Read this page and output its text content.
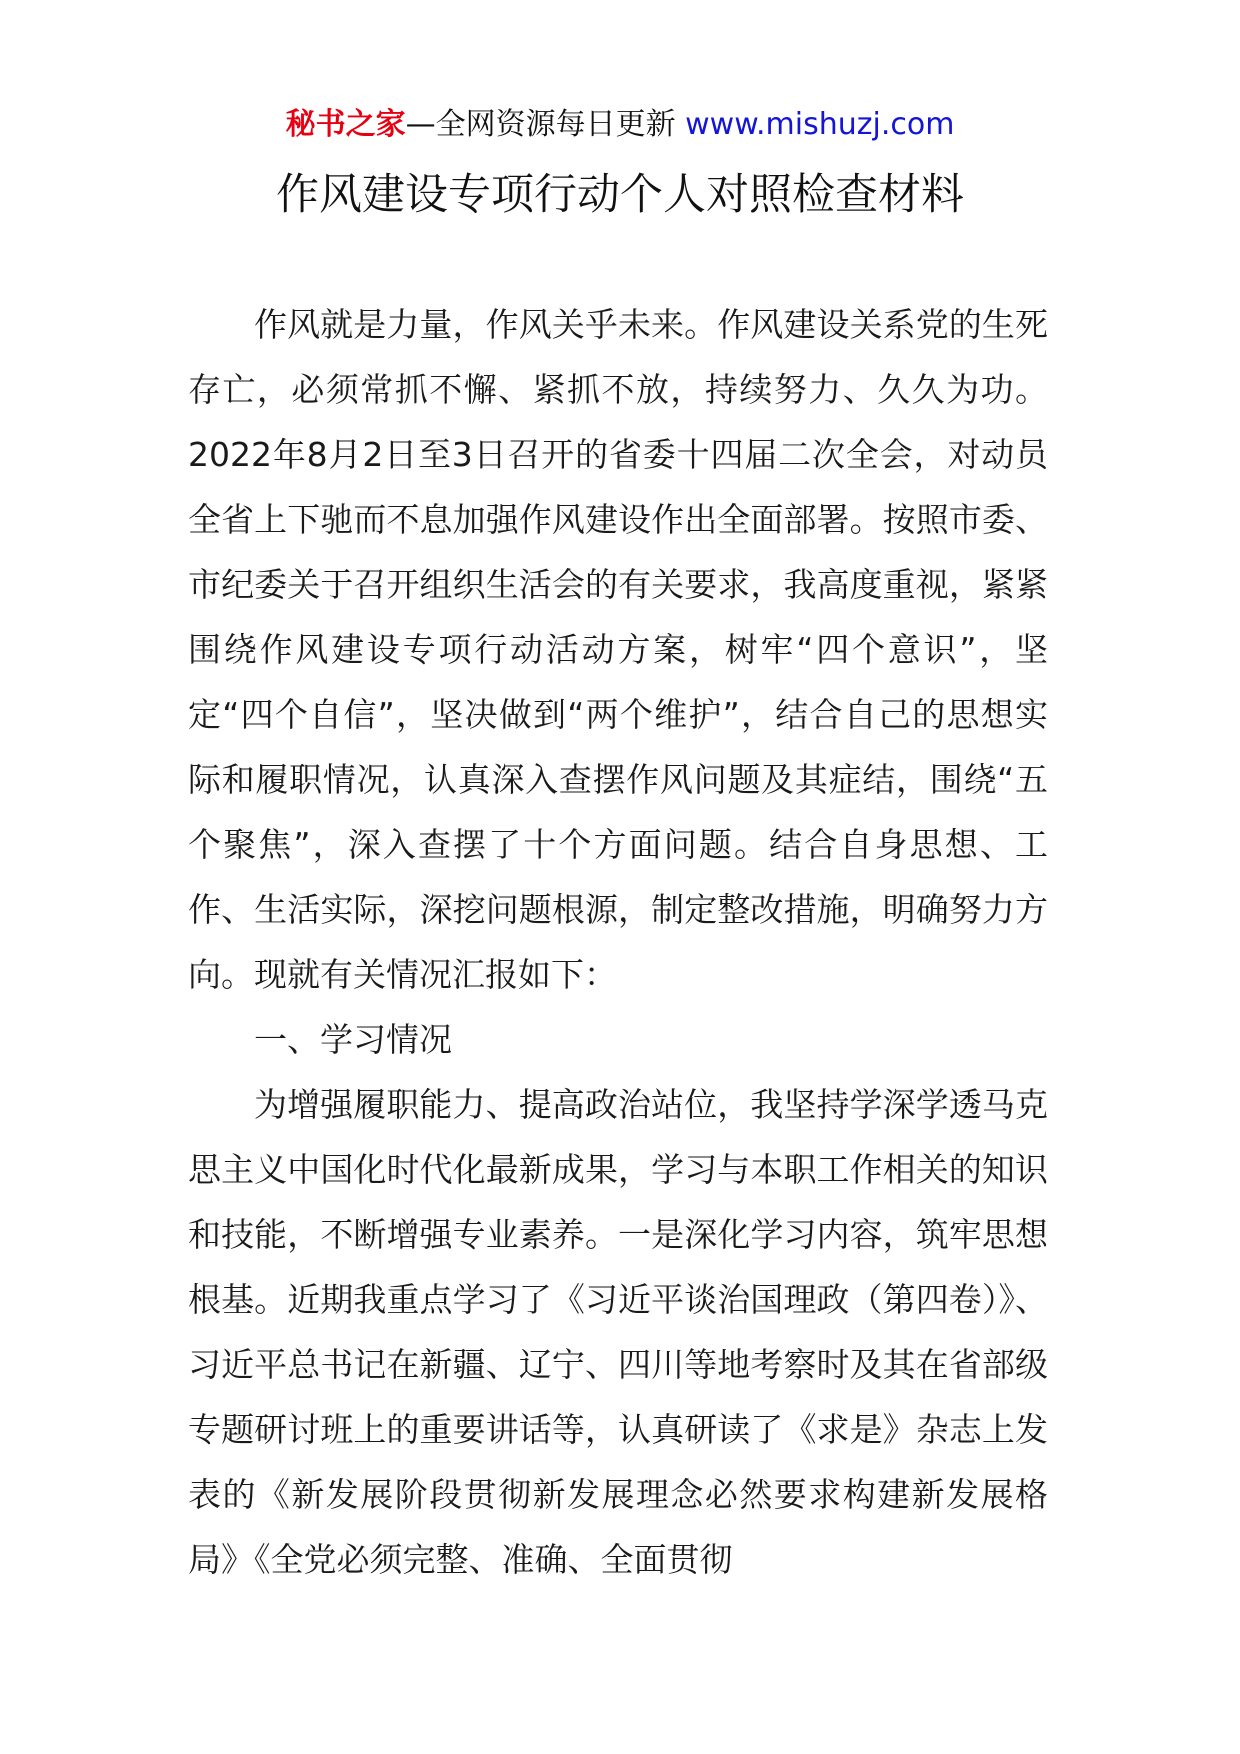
秘书之家—全网资源每日更新 www.mishuzj.com
作风建设专项行动个人对照检查材料

作风就是力量，作风关乎未来。作风建设关系党的生死存亡，必须常抓不懈、紧抓不放，持续努力、久久为功。2022年8月2日至3日召开的省委十四届二次全会，对动员全省上下驰而不息加强作风建设作出全面部署。按照市委、市纪委关于召开组织生活会的有关要求，我高度重视，紧紧围绕作风建设专项行动活动方案，树牢“四个意识”，坚定“四个自信”，坚决做到“两个维护”，结合自己的思想实际和履职情况，认真深入查摆作风问题及其症结，围绕“五个聚焦”，深入查摆了十个方面问题。结合自身思想、工作、生活实际，深挖问题根源，制定整改措施，明确努力方向。现就有关情况汇报如下：

一、学习情况

为增强履职能力、提高政治站位，我坚持学深学透马克思主义中国化时代化最新成果，学习与本职工作相关的知识和技能，不断增强专业素养。一是深化学习内容，筑牢思想根基。近期我重点学习了《习近平谈治国理政（第四卷）》、习近平总书记在新疆、辽宁、四川等地考察时及其在省部级专题研讨班上的重要讲话等，认真研读了《求是》杂志上发表的《新发展阶段贯彻新发展理念必然要求构建新发展格局》《全党必须完整、准确、全面贯彻
